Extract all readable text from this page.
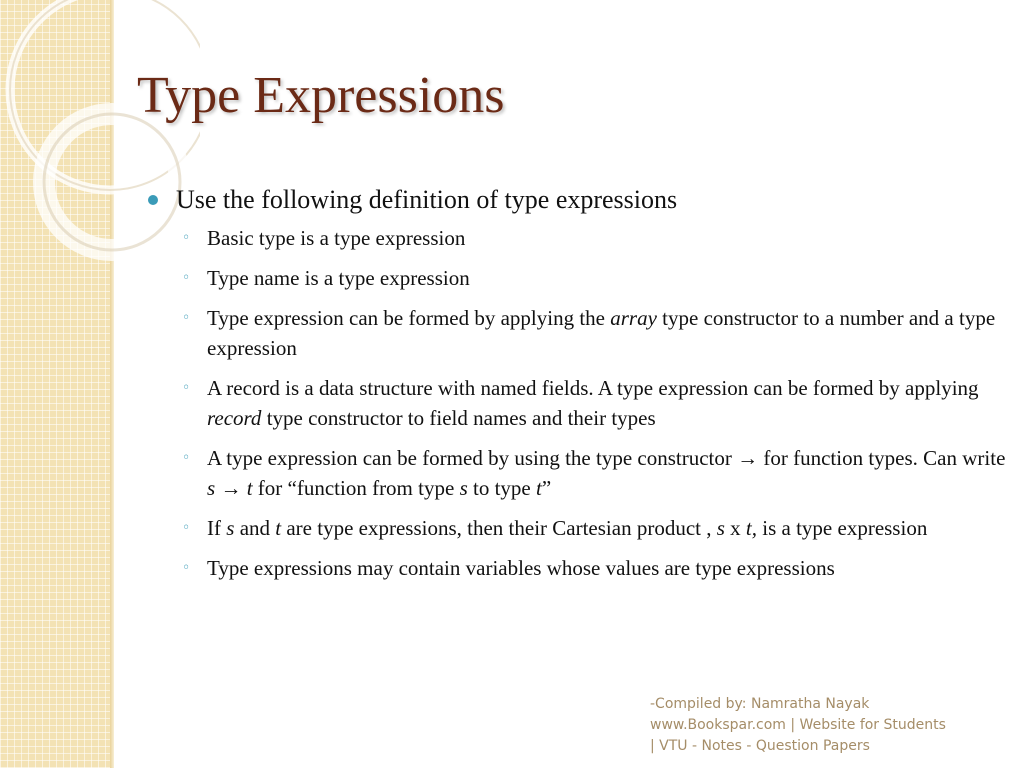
Type Expressions
Use the following definition of type expressions
◦ Basic type is a type expression
◦ Type name is a type expression
◦ Type expression can be formed by applying the array type constructor to a number and a type expression
◦ A record is a data structure with named fields. A type expression can be formed by applying record type constructor to field names and their types
◦ A type expression can be formed by using the type constructor → for function types. Can write s → t for “function from type s to type t”
◦ If s and t are type expressions, then their Cartesian product , s x t, is a type expression
◦ Type expressions may contain variables whose values are type expressions
-Compiled by: Namratha Nayak
www.Bookspar.com | Website for Students
| VTU - Notes - Question Papers
